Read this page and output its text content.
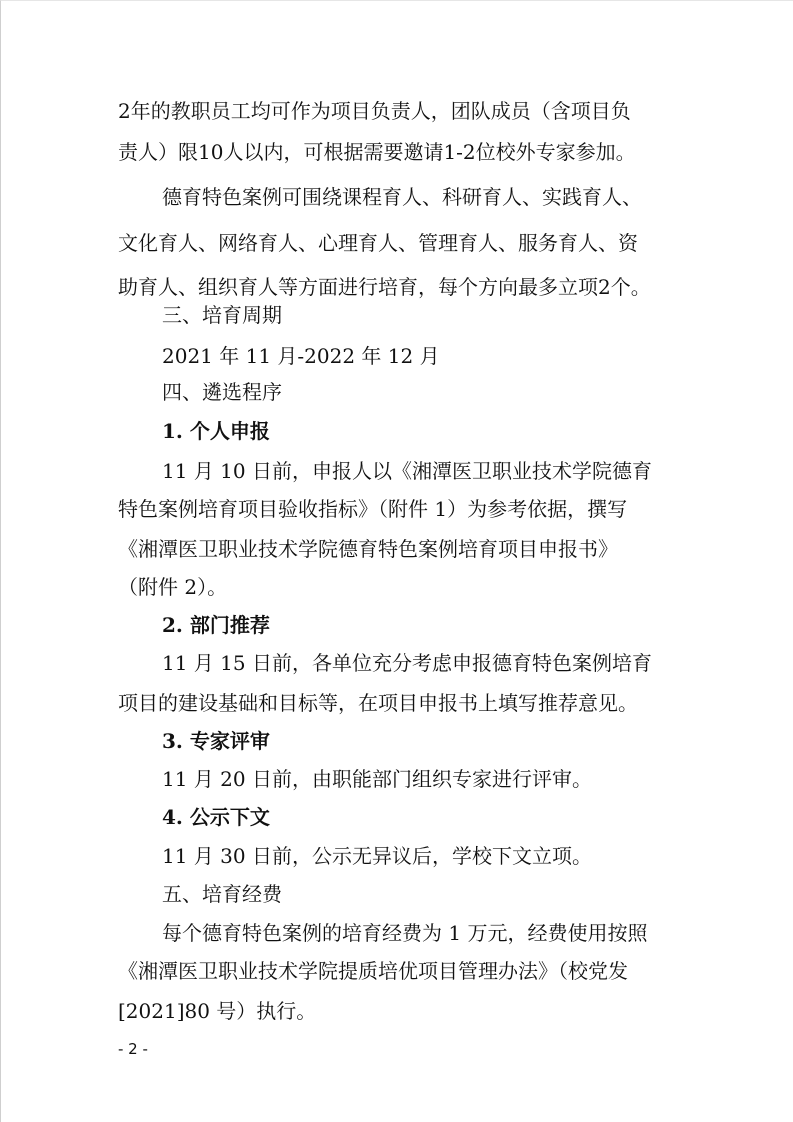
2年的教职员工均可作为项目负责人，团队成员（含项目负
责人）限10人以内，可根据需要邀请1-2位校外专家参加。
德育特色案例可围绕课程育人、科研育人、实践育人、
文化育人、网络育人、心理育人、管理育人、服务育人、资
助育人、组织育人等方面进行培育，每个方向最多立项2个。
三、培育周期
2021 年 11 月-2022 年 12 月
四、遴选程序
1. 个人申报
11 月 10 日前，申报人以《湘潭医卫职业技术学院德育
特色案例培育项目验收指标》（附件 1）为参考依据，撰写
《湘潭医卫职业技术学院德育特色案例培育项目申报书》
（附件 2）。
2. 部门推荐
11 月 15 日前，各单位充分考虑申报德育特色案例培育
项目的建设基础和目标等，在项目申报书上填写推荐意见。
3. 专家评审
11 月 20 日前，由职能部门组织专家进行评审。
4. 公示下文
11 月 30 日前，公示无异议后，学校下文立项。
五、培育经费
每个德育特色案例的培育经费为 1 万元，经费使用按照
《湘潭医卫职业技术学院提质培优项目管理办法》（校党发
[2021]80 号）执行。
- 2 -
